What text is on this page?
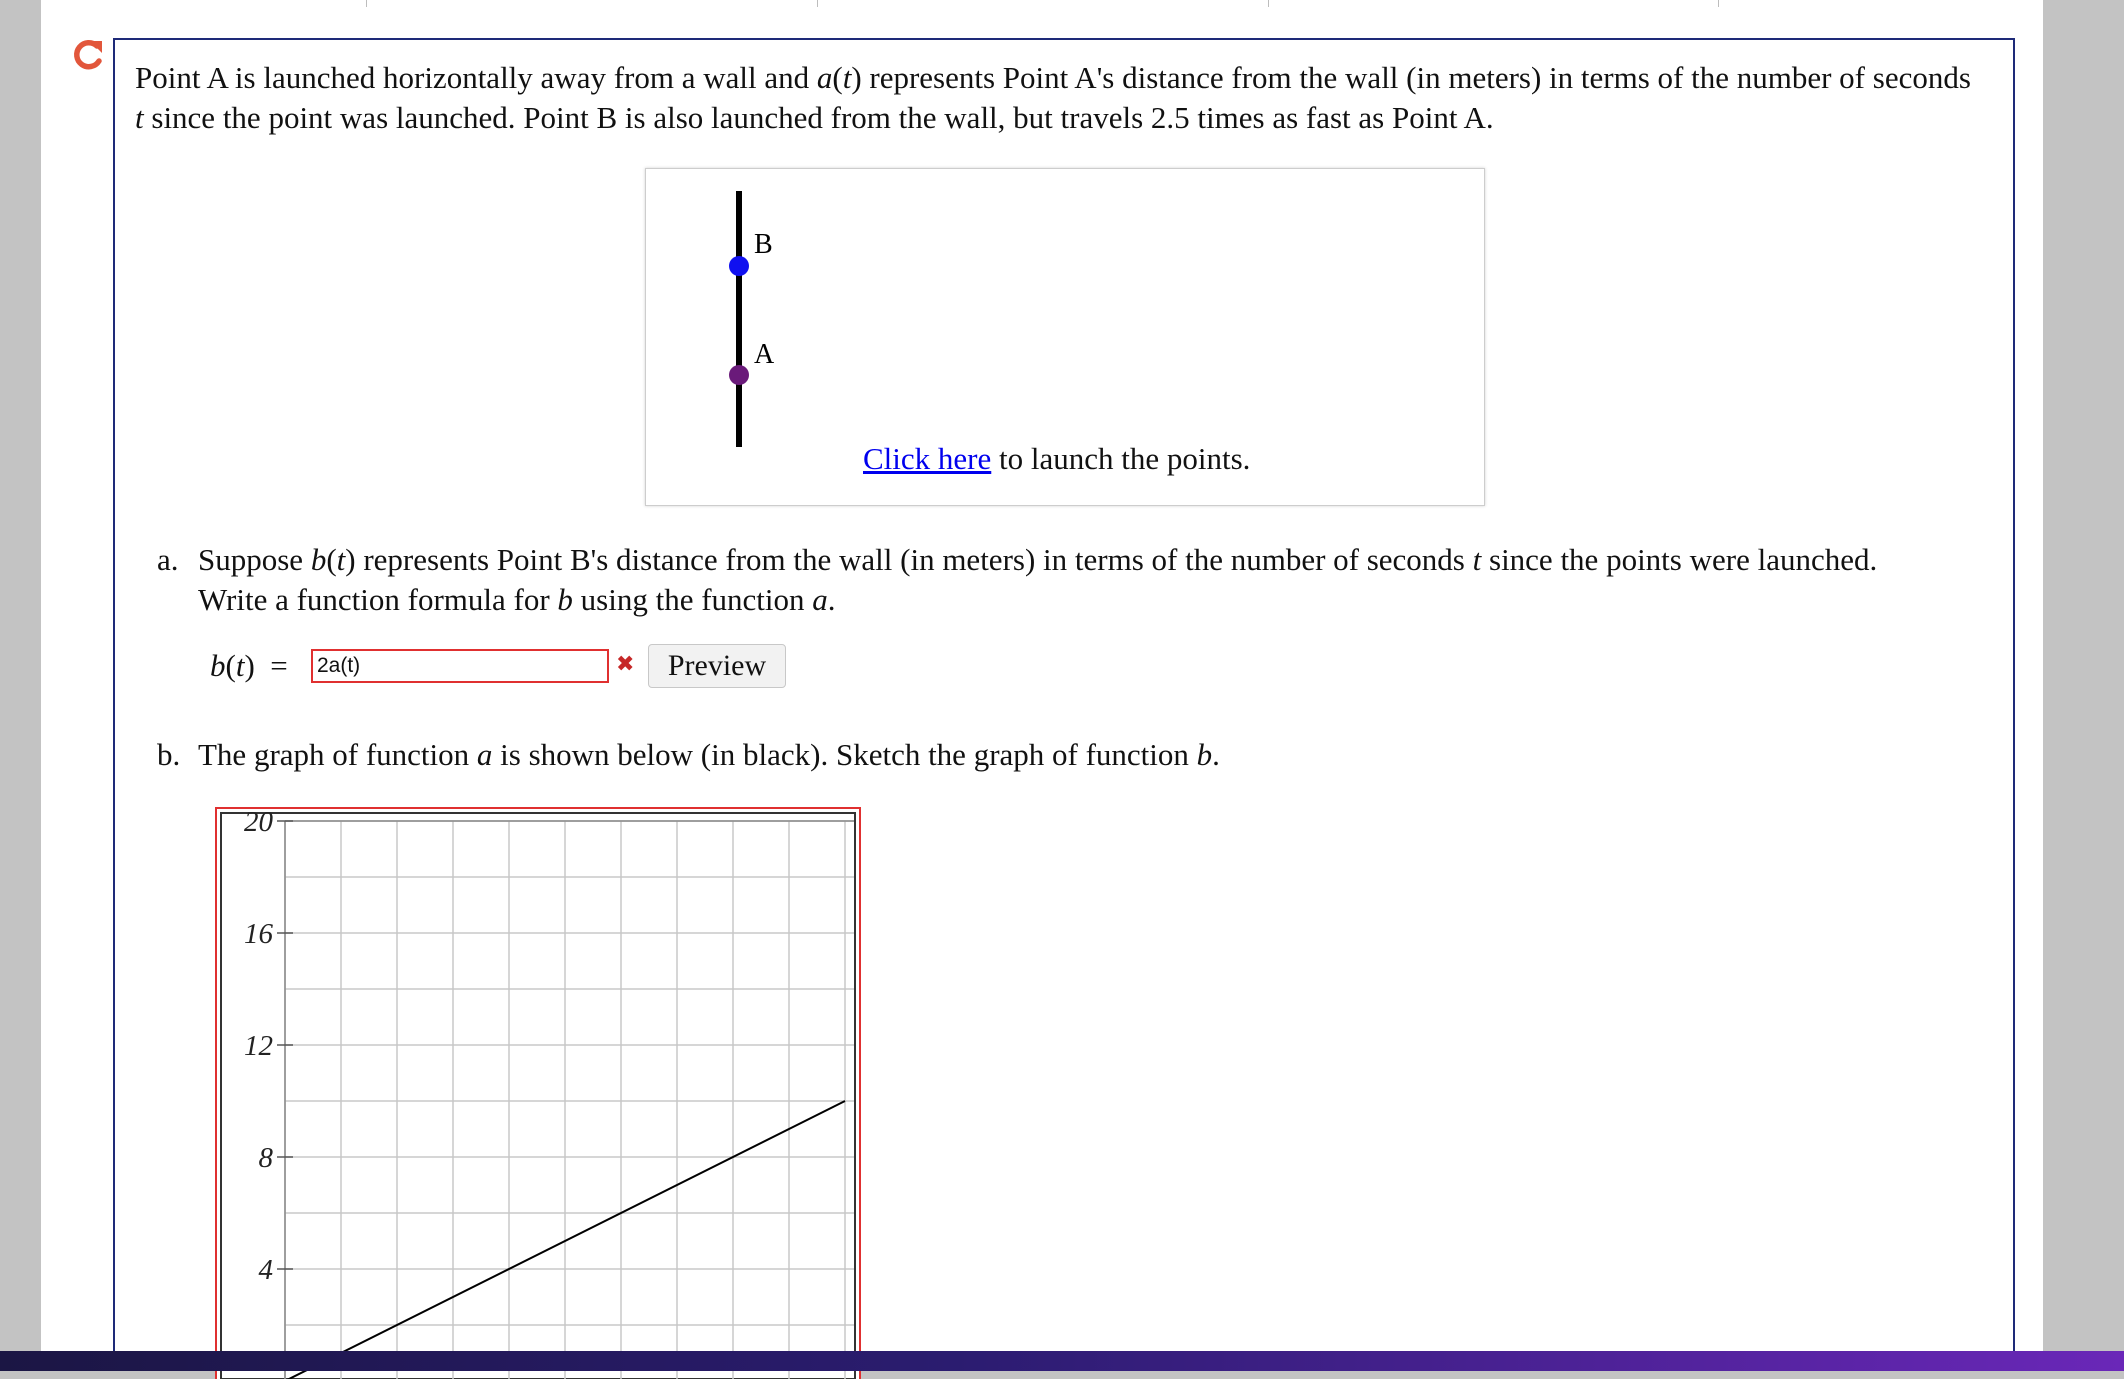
Point A is launched horizontally away from a wall and a(t) represents Point A's distance from the wall (in meters) in terms of the number of seconds t since the point was launched. Point B is also launched from the wall, but travels 2.5 times as fast as Point A.

B
A
Click here to launch the points.
a. Suppose b(t) represents Point B's distance from the wall (in meters) in terms of the number of seconds t since the points were launched.
Write a function formula for b using the function a.
b(t) =
2a(t)	✖	Preview
b. The graph of function a is shown below (in black). Sketch the graph of function b.
20
16
12
8
4
